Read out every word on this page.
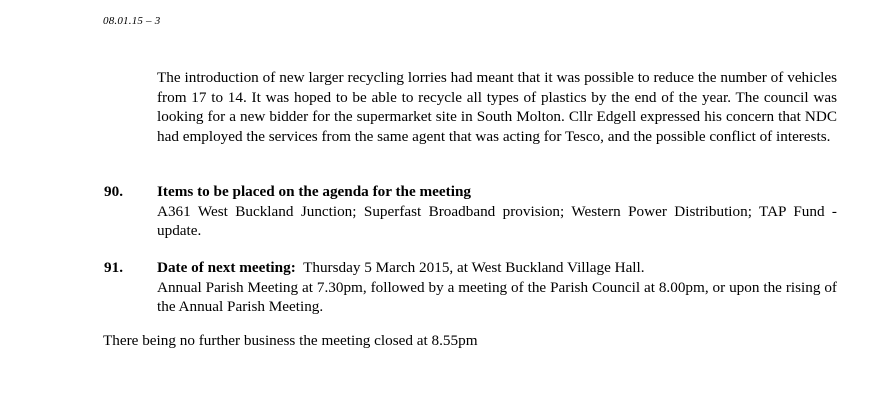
08.01.15 – 3
The introduction of new larger recycling lorries had meant that it was possible to reduce the number of vehicles from 17 to 14. It was hoped to be able to recycle all types of plastics by the end of the year. The council was looking for a new bidder for the supermarket site in South Molton. Cllr Edgell expressed his concern that NDC had employed the services from the same agent that was acting for Tesco, and the possible conflict of interests.
90. Items to be placed on the agenda for the meeting
A361 West Buckland Junction; Superfast Broadband provision; Western Power Distribution; TAP Fund - update.
91. Date of next meeting:  Thursday 5 March 2015, at West Buckland Village Hall.
Annual Parish Meeting at 7.30pm, followed by a meeting of the Parish Council at 8.00pm, or upon the rising of the Annual Parish Meeting.
There being no further business the meeting closed at 8.55pm
